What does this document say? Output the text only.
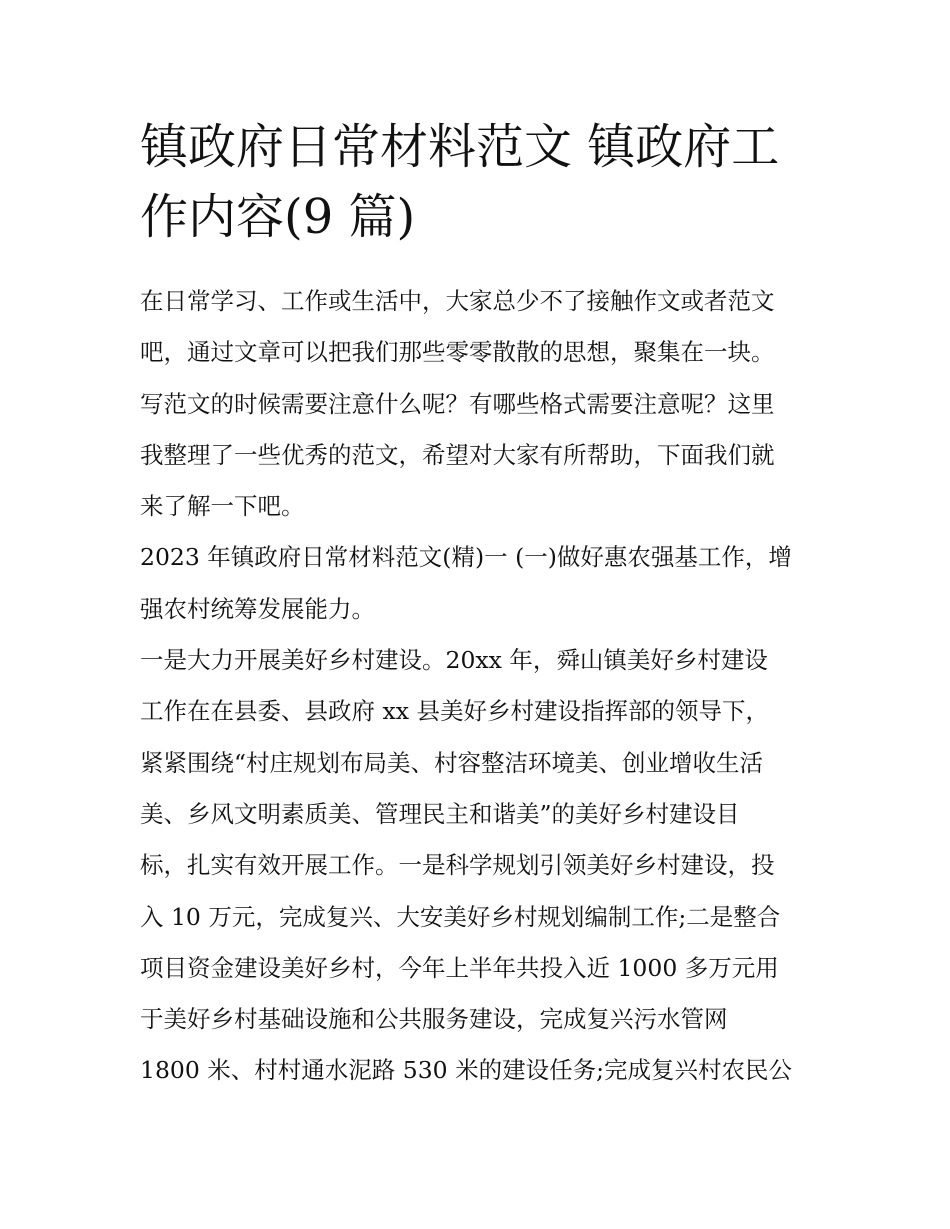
镇政府日常材料范文 镇政府工
作内容(9 篇)
在日常学习、工作或生活中，大家总少不了接触作文或者范文
吧，通过文章可以把我们那些零零散散的思想，聚集在一块。
写范文的时候需要注意什么呢？有哪些格式需要注意呢？这里
我整理了一些优秀的范文，希望对大家有所帮助，下面我们就
来了解一下吧。
2023 年镇政府日常材料范文(精)一 (一)做好惠农强基工作，增
强农村统筹发展能力。
一是大力开展美好乡村建设。20xx 年，舜山镇美好乡村建设
工作在在县委、县政府 xx 县美好乡村建设指挥部的领导下，
紧紧围绕“村庄规划布局美、村容整洁环境美、创业增收生活
美、乡风文明素质美、管理民主和谐美”的美好乡村建设目
标，扎实有效开展工作。一是科学规划引领美好乡村建设，投
入 10 万元，完成复兴、大安美好乡村规划编制工作;二是整合
项目资金建设美好乡村，今年上半年共投入近 1000 多万元用
于美好乡村基础设施和公共服务建设，完成复兴污水管网
1800 米、村村通水泥路 530 米的建设任务;完成复兴村农民公
